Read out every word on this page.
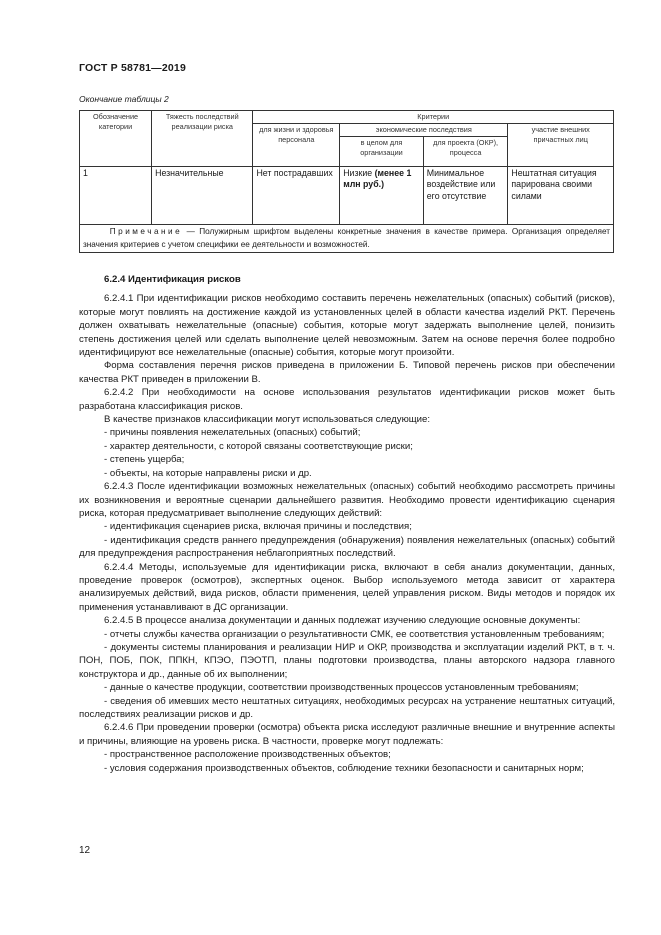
ГОСТ Р 58781—2019
Окончание таблицы 2
Обозначение категории	Тяжесть последствий реализации риска	Критерии			
		для жизни и здоровья персонала	экономические последствия		участие внешних причастных лиц
			в целом для организации	для проекта (ОКР), процесса	
1	Незначительные	Нет пострадавших	Низкие (менее 1 млн руб.)	Минимальное воздействие или его отсутствие	Нештатная ситуация парирована своими силами
Примечание — Полужирным шрифтом выделены конкретные значения в качестве примера. Организация определяет значения критериев с учетом специфики ее деятельности и возможностей.					

6.2.4 Идентификация рисков

6.2.4.1 При идентификации рисков необходимо составить перечень нежелательных (опасных) событий (рисков), которые могут повлиять на достижение каждой из установленных целей в области качества изделий РКТ. Перечень должен охватывать нежелательные (опасные) события, которые могут задержать выполнение целей, понизить степень достижения целей или сделать выполнение целей невозможным. Затем на основе перечня более подробно идентифицируют все нежелательные (опасные) события, которые могут произойти.

Форма составления перечня рисков приведена в приложении Б. Типовой перечень рисков при обеспечении качества РКТ приведен в приложении В.

6.2.4.2 При необходимости на основе использования результатов идентификации рисков может быть разработана классификация рисков.

В качестве признаков классификации могут использоваться следующие:

- причины появления нежелательных (опасных) событий;

- характер деятельности, с которой связаны соответствующие риски;

- степень ущерба;

- объекты, на которые направлены риски и др.

6.2.4.3 После идентификации возможных нежелательных (опасных) событий необходимо рассмотреть причины их возникновения и вероятные сценарии дальнейшего развития. Необходимо провести идентификацию сценария риска, которая предусматривает выполнение следующих действий:

- идентификация сценариев риска, включая причины и последствия;

- идентификация средств раннего предупреждения (обнаружения) появления нежелательных (опасных) событий для предупреждения распространения неблагоприятных последствий.

6.2.4.4 Методы, используемые для идентификации риска, включают в себя анализ документации, данных, проведение проверок (осмотров), экспертных оценок. Выбор используемого метода зависит от характера анализируемых действий, вида рисков, области применения, целей управления риском. Виды методов и порядок их применения устанавливают в ДС организации.

6.2.4.5 В процессе анализа документации и данных подлежат изучению следующие основные документы:

- отчеты службы качества организации о результативности СМК, ее соответствия установленным требованиям;

- документы системы планирования и реализации НИР и ОКР, производства и эксплуатации изделий РКТ, в т. ч. ПОН, ПОБ, ПОК, ППКН, КПЭО, ПЭОТП, планы подготовки производства, планы авторского надзора главного конструктора и др., данные об их выполнении;

- данные о качестве продукции, соответствии производственных процессов установленным требованиям;

- сведения об имевших место нештатных ситуациях, необходимых ресурсах на устранение нештатных ситуаций, последствиях реализации рисков и др.

6.2.4.6 При проведении проверки (осмотра) объекта риска исследуют различные внешние и внутренние аспекты и причины, влияющие на уровень риска. В частности, проверке могут подлежать:

- пространственное расположение производственных объектов;

- условия содержания производственных объектов, соблюдение техники безопасности и санитарных норм;

12
